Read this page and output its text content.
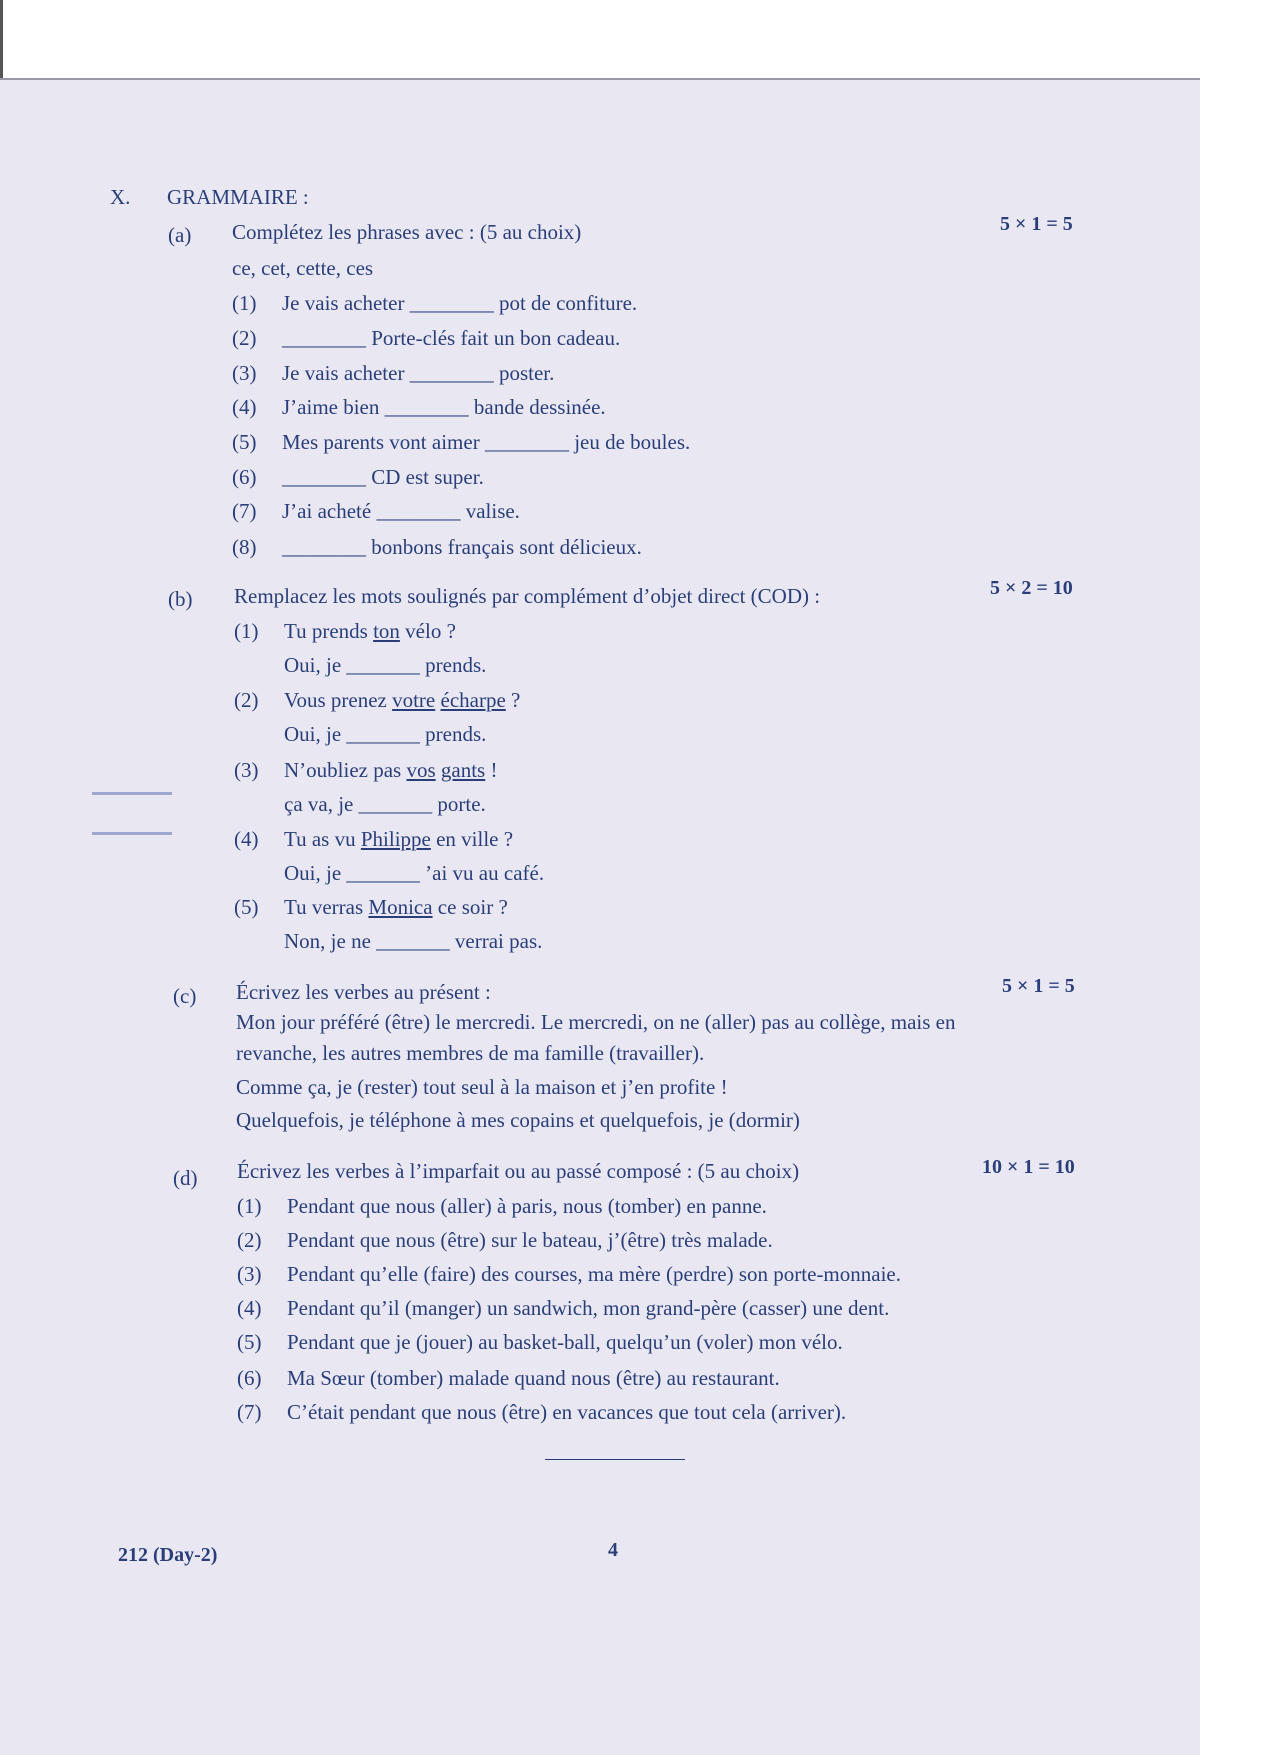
X. GRAMMAIRE :
(a) Complétez les phrases avec : (5 au choix)	5 × 1 = 5
ce, cet, cette, ces
(1) Je vais acheter ________ pot de confiture.
(2) ________ Porte-clés fait un bon cadeau.
(3) Je vais acheter ________ poster.
(4) J’aime bien ________ bande dessinée.
(5) Mes parents vont aimer ________ jeu de boules.
(6) ________ CD est super.
(7) J’ai acheté ________ valise.
(8) ________ bonbons français sont délicieux.
(b) Remplacez les mots soulignés par complément d’objet direct (COD) :	5 × 2 = 10
(1) Tu prends ton vélo ?
Oui, je _______ prends.
(2) Vous prenez votre écharpe ?
Oui, je _______ prends.
(3) N’oubliez pas vos gants !
ça va, je _______ porte.
(4) Tu as vu Philippe en ville ?
Oui, je _______ ’ai vu au café.
(5) Tu verras Monica ce soir ?
Non, je ne _______ verrai pas.
(c) Écrivez les verbes au présent :	5 × 1 = 5
Mon jour préféré (être) le mercredi. Le mercredi, on ne (aller) pas au collège, mais en
revanche, les autres membres de ma famille (travailler).
Comme ça, je (rester) tout seul à la maison et j’en profite !
Quelquefois, je téléphone à mes copains et quelquefois, je (dormir)
(d) Écrivez les verbes à l’imparfait ou au passé composé : (5 au choix)	10 × 1 = 10
(1) Pendant que nous (aller) à paris, nous (tomber) en panne.
(2) Pendant que nous (être) sur le bateau, j’(être) très malade.
(3) Pendant qu’elle (faire) des courses, ma mère (perdre) son porte-monnaie.
(4) Pendant qu’il (manger) un sandwich, mon grand-père (casser) une dent.
(5) Pendant que je (jouer) au basket-ball, quelqu’un (voler) mon vélo.
(6) Ma Sœur (tomber) malade quand nous (être) au restaurant.
(7) C’était pendant que nous (être) en vacances que tout cela (arriver).
212 (Day-2)	4
